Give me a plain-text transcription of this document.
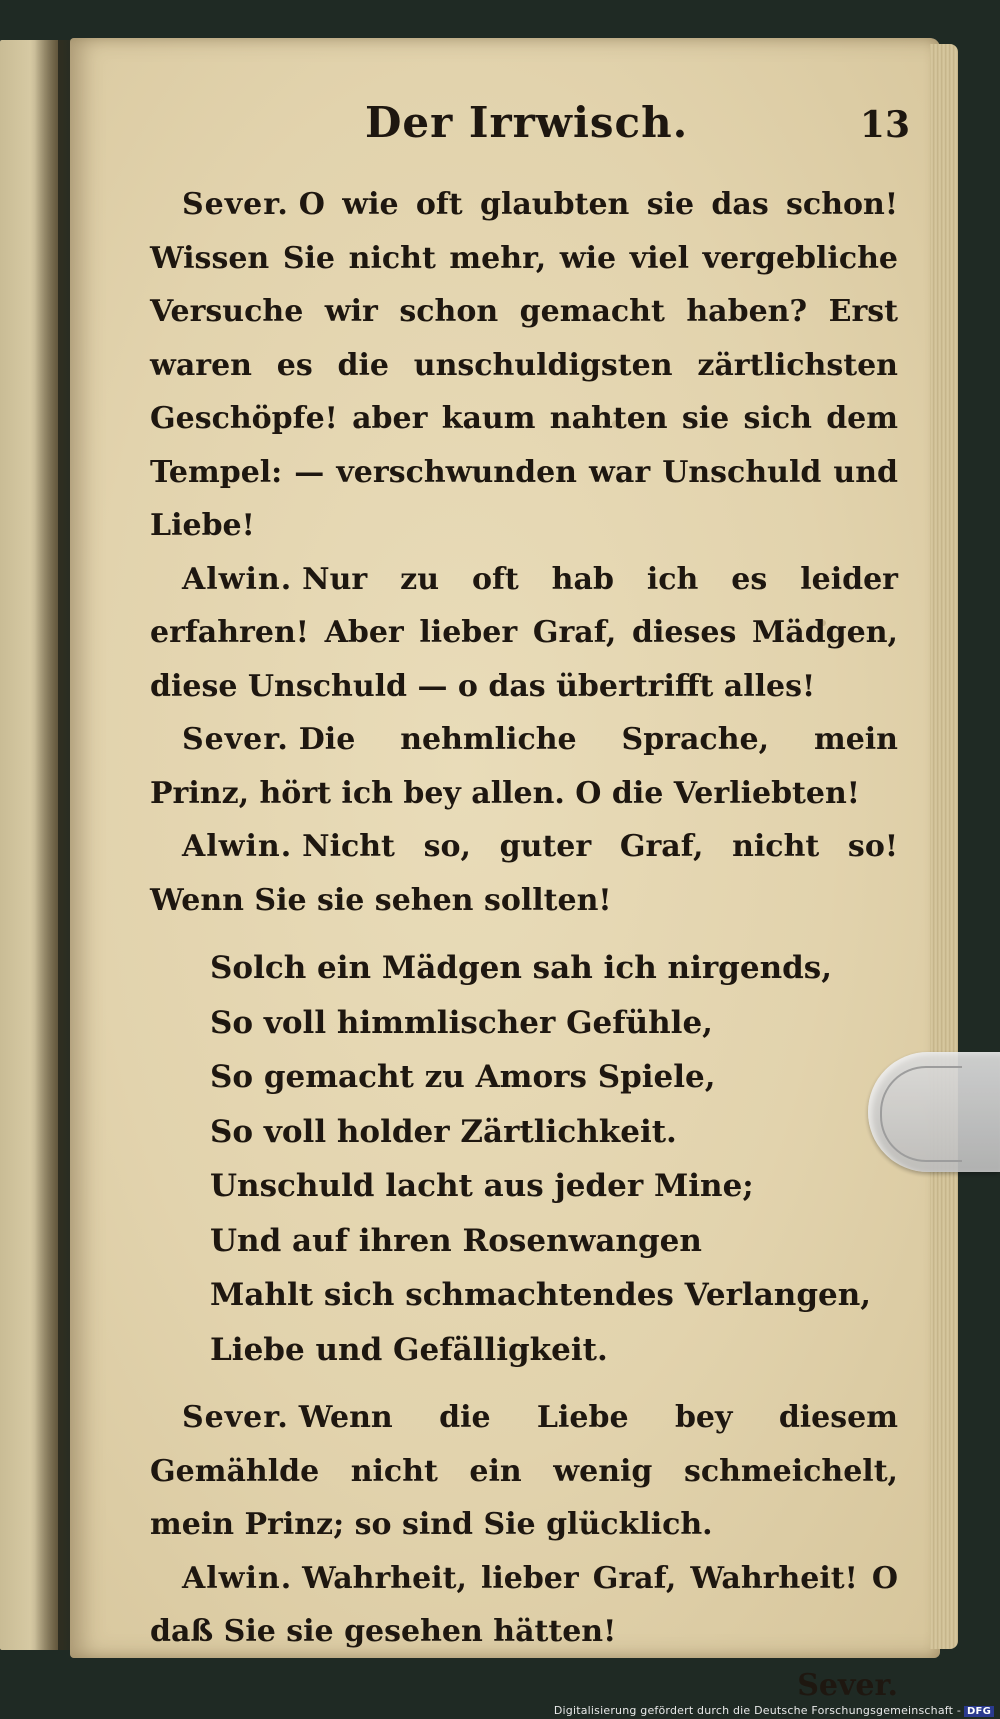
Der Irrwisch.	13

Sever. O wie oft glaubten sie das schon! Wissen Sie nicht mehr, wie viel vergebliche Versuche wir schon gemacht haben? Erst waren es die unschuldigsten zärtlichsten Geschöpfe! aber kaum nahten sie sich dem Tempel: — verschwunden war Unschuld und Liebe!

Alwin. Nur zu oft hab ich es leider erfahren! Aber lieber Graf, dieses Mädgen, diese Unschuld — o das übertrifft alles!

Sever. Die nehmliche Sprache, mein Prinz, hört ich bey allen. O die Verliebten!

Alwin. Nicht so, guter Graf, nicht so! Wenn Sie sie sehen sollten!

Solch ein Mädgen sah ich nirgends,

So voll himmlischer Gefühle,

So gemacht zu Amors Spiele,

So voll holder Zärtlichkeit.

Unschuld lacht aus jeder Mine;

Und auf ihren Rosenwangen

Mahlt sich schmachtendes Verlangen,

Liebe und Gefälligkeit.

Sever. Wenn die Liebe bey diesem Gemählde nicht ein wenig schmeichelt, mein Prinz; so sind Sie glücklich.

Alwin. Wahrheit, lieber Graf, Wahrheit! O daß Sie sie gesehen hätten!

Sever.
Digitalisierung gefördert durch die Deutsche Forschungsgemeinschaft - DFG
